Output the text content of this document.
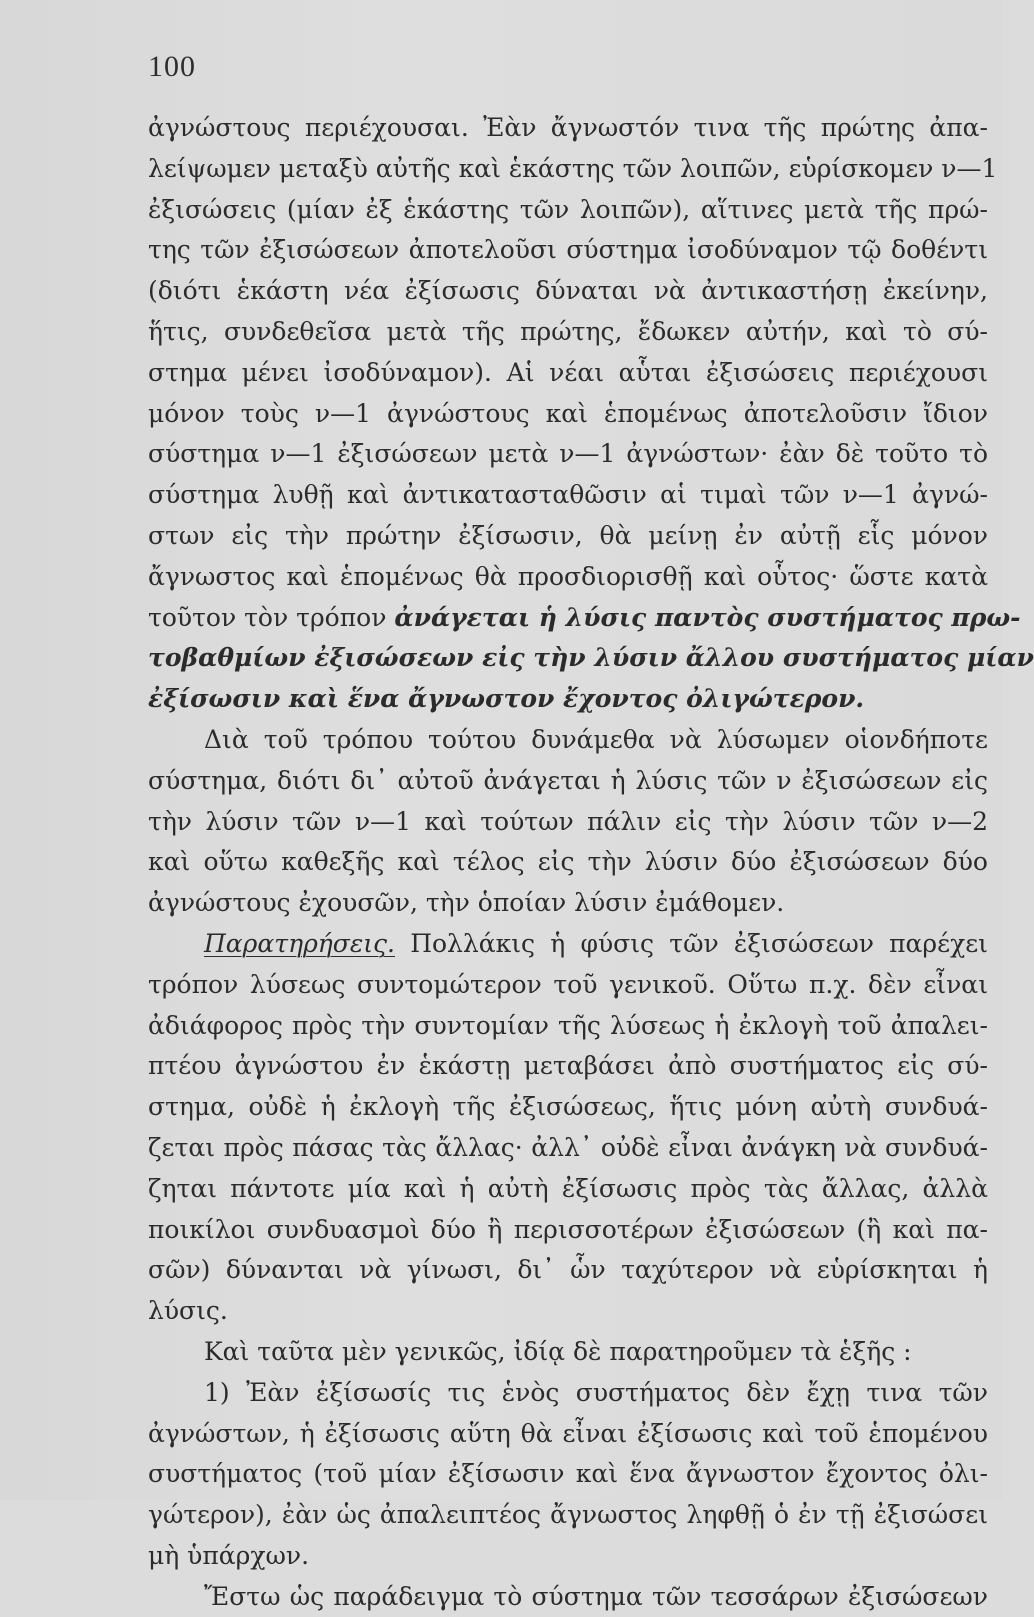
100
ἀγνώστους περιέχουσαι. Ἐὰν ἄγνωστόν τινα τῆς πρώτης ἀπα-
λείψωμεν μεταξὺ αὐτῆς καὶ ἑκάστης τῶν λοιπῶν, εὑρίσκομεν ν—1
ἐξισώσεις (μίαν ἐξ ἑκάστης τῶν λοιπῶν), αἵτινες μετὰ τῆς πρώ-
της τῶν ἐξισώσεων ἀποτελοῦσι σύστημα ἰσοδύναμον τῷ δοθέντι
(διότι ἑκάστη νέα ἐξίσωσις δύναται νὰ ἀντικαστήσῃ ἐκείνην,
ἥτις, συνδεθεῖσα μετὰ τῆς πρώτης, ἔδωκεν αὐτήν, καὶ τὸ σύ-
στημα μένει ἰσοδύναμον). Αἱ νέαι αὗται ἐξισώσεις περιέχουσι
μόνον τοὺς ν—1 ἀγνώστους καὶ ἑπομένως ἀποτελοῦσιν ἴδιον
σύστημα ν—1 ἐξισώσεων μετὰ ν—1 ἀγνώστων· ἐὰν δὲ τοῦτο τὸ
σύστημα λυθῇ καὶ ἀντικατασταθῶσιν αἱ τιμαὶ τῶν ν—1 ἀγνώ-
στων εἰς τὴν πρώτην ἐξίσωσιν, θὰ μείνῃ ἐν αὐτῇ εἷς μόνον
ἄγνωστος καὶ ἑπομένως θὰ προσδιορισθῇ καὶ οὗτος· ὥστε κατὰ
τοῦτον τὸν τρόπον ἀνάγεται ἡ λύσις παντὸς συστήματος πρω-
τοβαθμίων ἐξισώσεων εἰς τὴν λύσιν ἄλλου συστήματος μίαν
ἐξίσωσιν καὶ ἕνα ἄγνωστον ἔχοντος ὀλιγώτερον.
Διὰ τοῦ τρόπου τούτου δυνάμεθα νὰ λύσωμεν οἱονδήποτε
σύστημα, διότι δι᾿ αὐτοῦ ἀνάγεται ἡ λύσις τῶν ν ἐξισώσεων εἰς
τὴν λύσιν τῶν ν—1 καὶ τούτων πάλιν εἰς τὴν λύσιν τῶν ν—2
καὶ οὕτω καθεξῆς καὶ τέλος εἰς τὴν λύσιν δύο ἐξισώσεων δύο
ἀγνώστους ἐχουσῶν, τὴν ὁποίαν λύσιν ἐμάθομεν.
Παρατηρήσεις. Πολλάκις ἡ φύσις τῶν ἐξισώσεων παρέχει
τρόπον λύσεως συντομώτερον τοῦ γενικοῦ. Οὕτω π.χ. δὲν εἶναι
ἀδιάφορος πρὸς τὴν συντομίαν τῆς λύσεως ἡ ἐκλογὴ τοῦ ἀπαλει-
πτέου ἀγνώστου ἐν ἑκάστῃ μεταβάσει ἀπὸ συστήματος εἰς σύ-
στημα, οὐδὲ ἡ ἐκλογὴ τῆς ἐξισώσεως, ἥτις μόνη αὐτὴ συνδυά-
ζεται πρὸς πάσας τὰς ἄλλας· ἀλλ᾿ οὐδὲ εἶναι ἀνάγκη νὰ συνδυά-
ζηται πάντοτε μία καὶ ἡ αὐτὴ ἐξίσωσις πρὸς τὰς ἄλλας, ἀλλὰ
ποικίλοι συνδυασμοὶ δύο ἢ περισσοτέρων ἐξισώσεων (ἢ καὶ πα-
σῶν) δύνανται νὰ γίνωσι, δι᾿ ὧν ταχύτερον νὰ εὑρίσκηται ἡ
λύσις.
Καὶ ταῦτα μὲν γενικῶς, ἰδίᾳ δὲ παρατηροῦμεν τὰ ἑξῆς :
1) Ἐὰν ἐξίσωσίς τις ἑνὸς συστήματος δὲν ἔχῃ τινα τῶν
ἀγνώστων, ἡ ἐξίσωσις αὕτη θὰ εἶναι ἐξίσωσις καὶ τοῦ ἑπομένου
συστήματος (τοῦ μίαν ἐξίσωσιν καὶ ἕνα ἄγνωστον ἔχοντος ὀλι-
γώτερον), ἐὰν ὡς ἀπαλειπτέος ἄγνωστος ληφθῇ ὁ ἐν τῇ ἐξισώσει
μὴ ὑπάρχων.
Ἔστω ὡς παράδειγμα τὸ σύστημα τῶν τεσσάρων ἐξισώσεων
